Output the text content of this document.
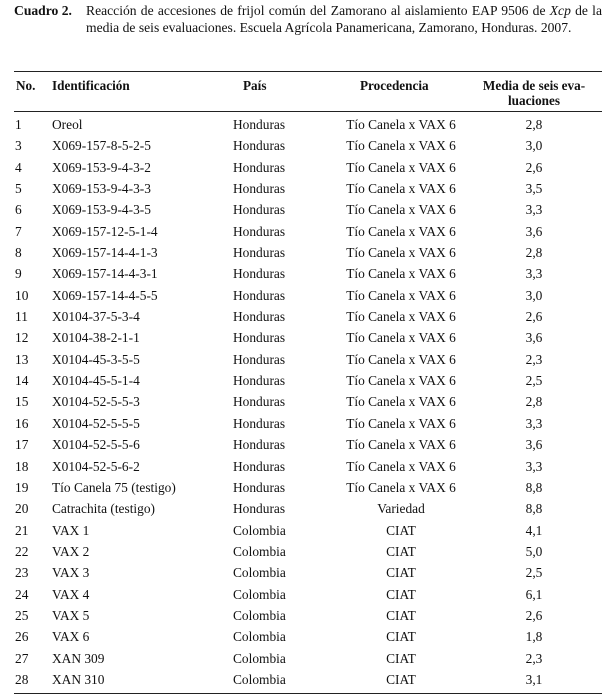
Cuadro 2. Reacción de accesiones de frijol común del Zamorano al aislamiento EAP 9506 de Xcp de la media de seis evaluaciones. Escuela Agrícola Panamericana, Zamorano, Honduras. 2007.
No. Identificación	País	Procedencia	Media de seis eva-luaciones
1 Oreol	Honduras	Tío Canela x VAX 6	2,8
3 X069-157-8-5-2-5	Honduras	Tío Canela x VAX 6	3,0
4 X069-153-9-4-3-2	Honduras	Tío Canela x VAX 6	2,6
5 X069-153-9-4-3-3	Honduras	Tío Canela x VAX 6	3,5
6 X069-153-9-4-3-5	Honduras	Tío Canela x VAX 6	3,3
7 X069-157-12-5-1-4	Honduras	Tío Canela x VAX 6	3,6
8 X069-157-14-4-1-3	Honduras	Tío Canela x VAX 6	2,8
9 X069-157-14-4-3-1	Honduras	Tío Canela x VAX 6	3,3
10 X069-157-14-4-5-5	Honduras	Tío Canela x VAX 6	3,0
11 X0104-37-5-3-4	Honduras	Tío Canela x VAX 6	2,6
12 X0104-38-2-1-1	Honduras	Tío Canela x VAX 6	3,6
13 X0104-45-3-5-5	Honduras	Tío Canela x VAX 6	2,3
14 X0104-45-5-1-4	Honduras	Tío Canela x VAX 6	2,5
15 X0104-52-5-5-3	Honduras	Tío Canela x VAX 6	2,8
16 X0104-52-5-5-5	Honduras	Tío Canela x VAX 6	3,3
17 X0104-52-5-5-6	Honduras	Tío Canela x VAX 6	3,6
18 X0104-52-5-6-2	Honduras	Tío Canela x VAX 6	3,3
19 Tío Canela 75 (testigo)	Honduras	Tío Canela x VAX 6	8,8
20 Catrachita (testigo)	Honduras	Variedad	8,8
21 VAX 1	Colombia	CIAT	4,1
22 VAX 2	Colombia	CIAT	5,0
23 VAX 3	Colombia	CIAT	2,5
24 VAX 4	Colombia	CIAT	6,1
25 VAX 5	Colombia	CIAT	2,6
26 VAX 6	Colombia	CIAT	1,8
27 XAN 309	Colombia	CIAT	2,3
28 XAN 310	Colombia	CIAT	3,1
